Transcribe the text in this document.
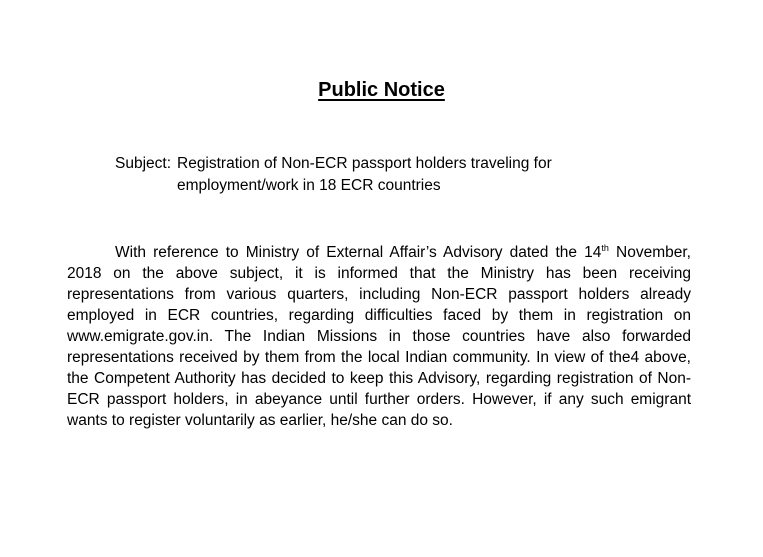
Public Notice
Subject: Registration of Non-ECR passport holders traveling for
employment/work in 18 ECR countries

With reference to Ministry of External Affair’s Advisory dated the 14th November, 2018 on the above subject, it is informed that the Ministry has been receiving representations from various quarters, including Non-ECR passport holders already employed in ECR countries, regarding difficulties faced by them in registration on www.emigrate.gov.in. The Indian Missions in those countries have also forwarded representations received by them from the local Indian community. In view of the4 above, the Competent Authority has decided to keep this Advisory, regarding registration of Non-ECR passport holders, in abeyance until further orders. However, if any such emigrant wants to register voluntarily as earlier, he/she can do so.
